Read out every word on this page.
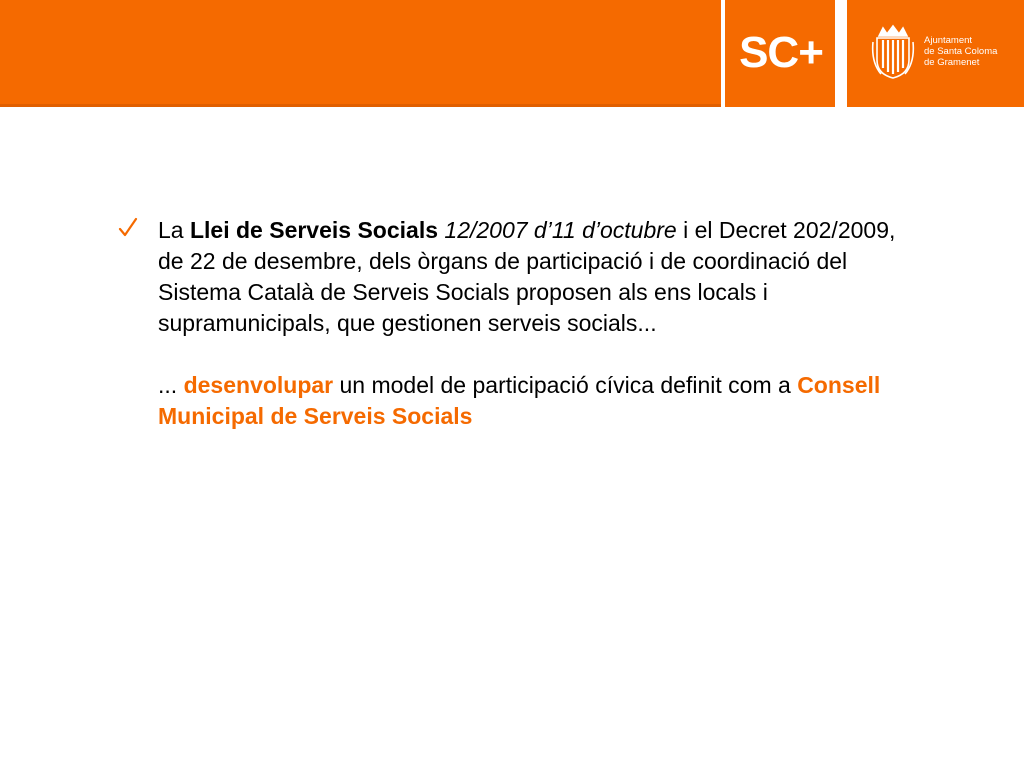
SC+	Ajuntament
de Santa Coloma
de Gramenet

La Llei de Serveis Socials 12/2007 d’11 d’octubre i el Decret 202/2009, de 22 de desembre, dels òrgans de participació i de coordinació del Sistema Català de Serveis Socials proposen als ens locals i supramunicipals, que gestionen serveis socials...

... desenvolupar un model de participació cívica definit com a Consell Municipal de Serveis Socials
